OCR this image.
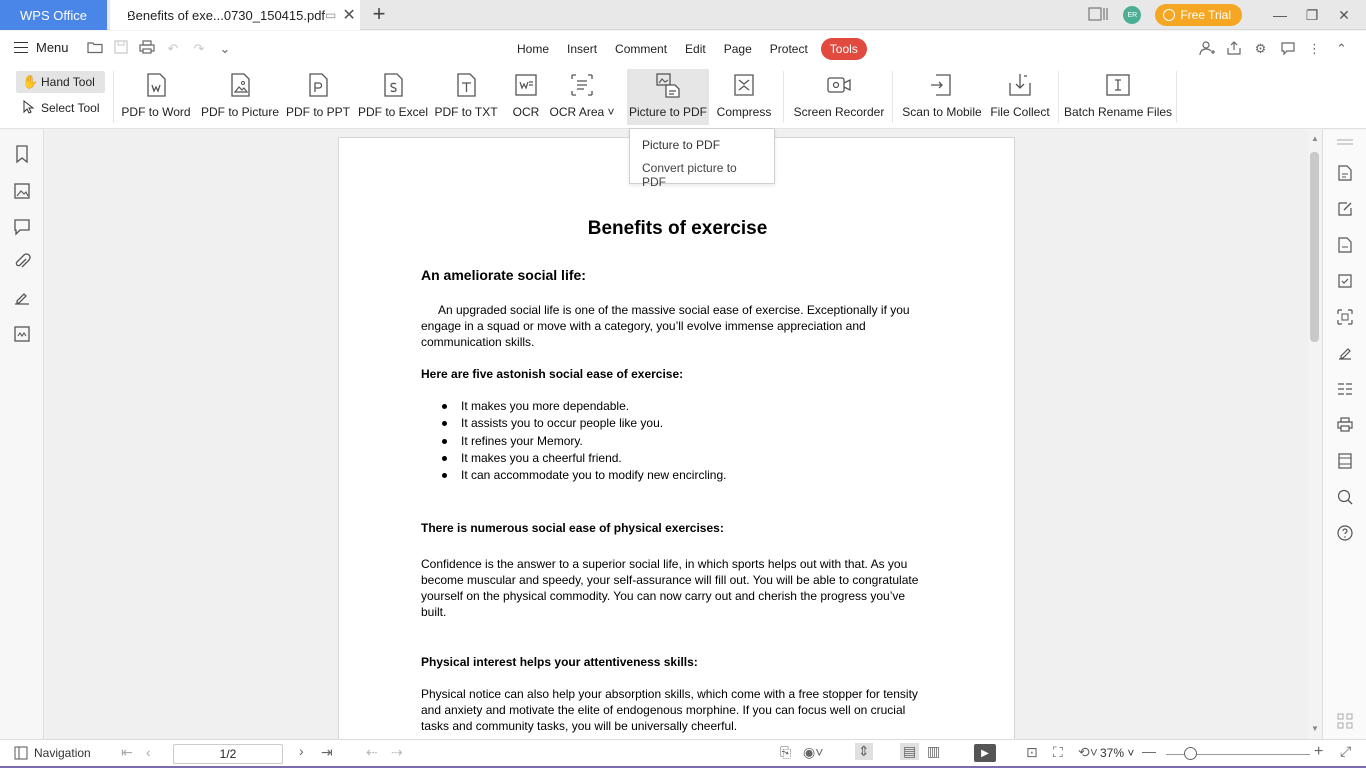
WPS Office	Benefits of exe...0730_150415.pdf ▭ ✕ +	ER	Free Trial	—	❐	✕
Menu	↶	↷	⌄	Home	Insert	Comment	Edit	Page	Protect	Tools	⚙	⋮	⌃
✋ Hand Tool
Select Tool PDF to Word PDF to Picture PDF to PPT PDF to Excel PDF to TXT OCR OCR Area ˅ Picture to PDF Compress Screen Recorder Scan to Mobile File Collect Batch Rename Files
Picture to PDF
Convert picture to PDF
Benefits of exercise
An ameliorate social life:
An upgraded social life is one of the massive social ease of exercise. Exceptionally if you engage in a squad or move with a category, you’ll evolve immense appreciation and communication skills.
Here are five astonish social ease of exercise:
It makes you more dependable.
It assists you to occur people like you.
It refines your Memory.
It makes you a cheerful friend.
It can accommodate you to modify new encircling.
There is numerous social ease of physical exercises:
Confidence is the answer to a superior social life, in which sports helps out with that. As you become muscular and speedy, your self-assurance will fill out. You will be able to congratulate yourself on the physical commodity. You can now carry out and cherish the progress you’ve built.
Physical interest helps your attentiveness skills:
Physical notice can also help your absorption skills, which come with a free stopper for tensity and anxiety and motivate the elite of endogenous morphine. If you can focus well on crucial tasks and community tasks, you will be universally cheerful.
▲
▼
Navigation ⇤ ‹	1/2	› ⇥ ⇠ ⇢	⎘ ◉˅ ⇕ ▤ ▥	▶	⊡ ⛶ ⟲˅ 37% ˅ —	+ ⤢
